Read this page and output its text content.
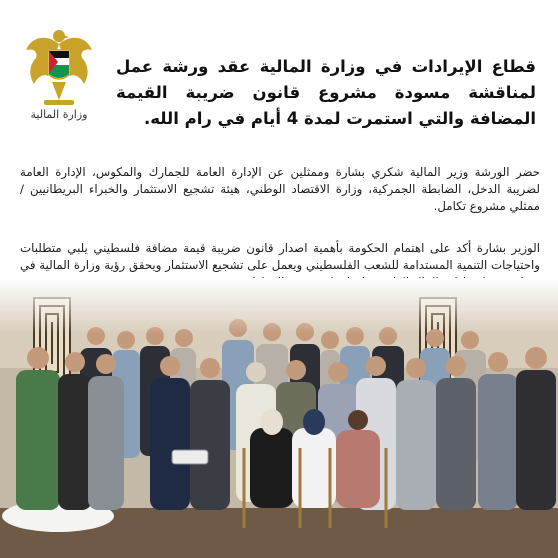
وزارة المالية
قطاع الإيرادات في وزارة المالية عقد ورشة عمل لمناقشة مسودة مشروع قانون ضريبة القيمة المضافة والتي استمرت لمدة 4 أيام في رام الله.
حضر الورشة وزير المالية شكري بشارة وممثلين عن الإدارة العامة للجمارك والمكوس، الإدارة العامة لضريبة الدخل، الضابطة الجمركية، وزارة الاقتصاد الوطني، هيئة تشجيع الاستثمار والخبراء البريطانيين / ممثلي مشروع تكامل.
الوزير بشارة أكد على اهتمام الحكومة بأهمية اصدار قانون ضريبة قيمة مضافة فلسطيني يلبي متطلبات واحتياجات التنمية المستدامة للشعب الفلسطيني ويعمل على تشجيع الاستثمار ويحقق رؤية وزارة المالية في
